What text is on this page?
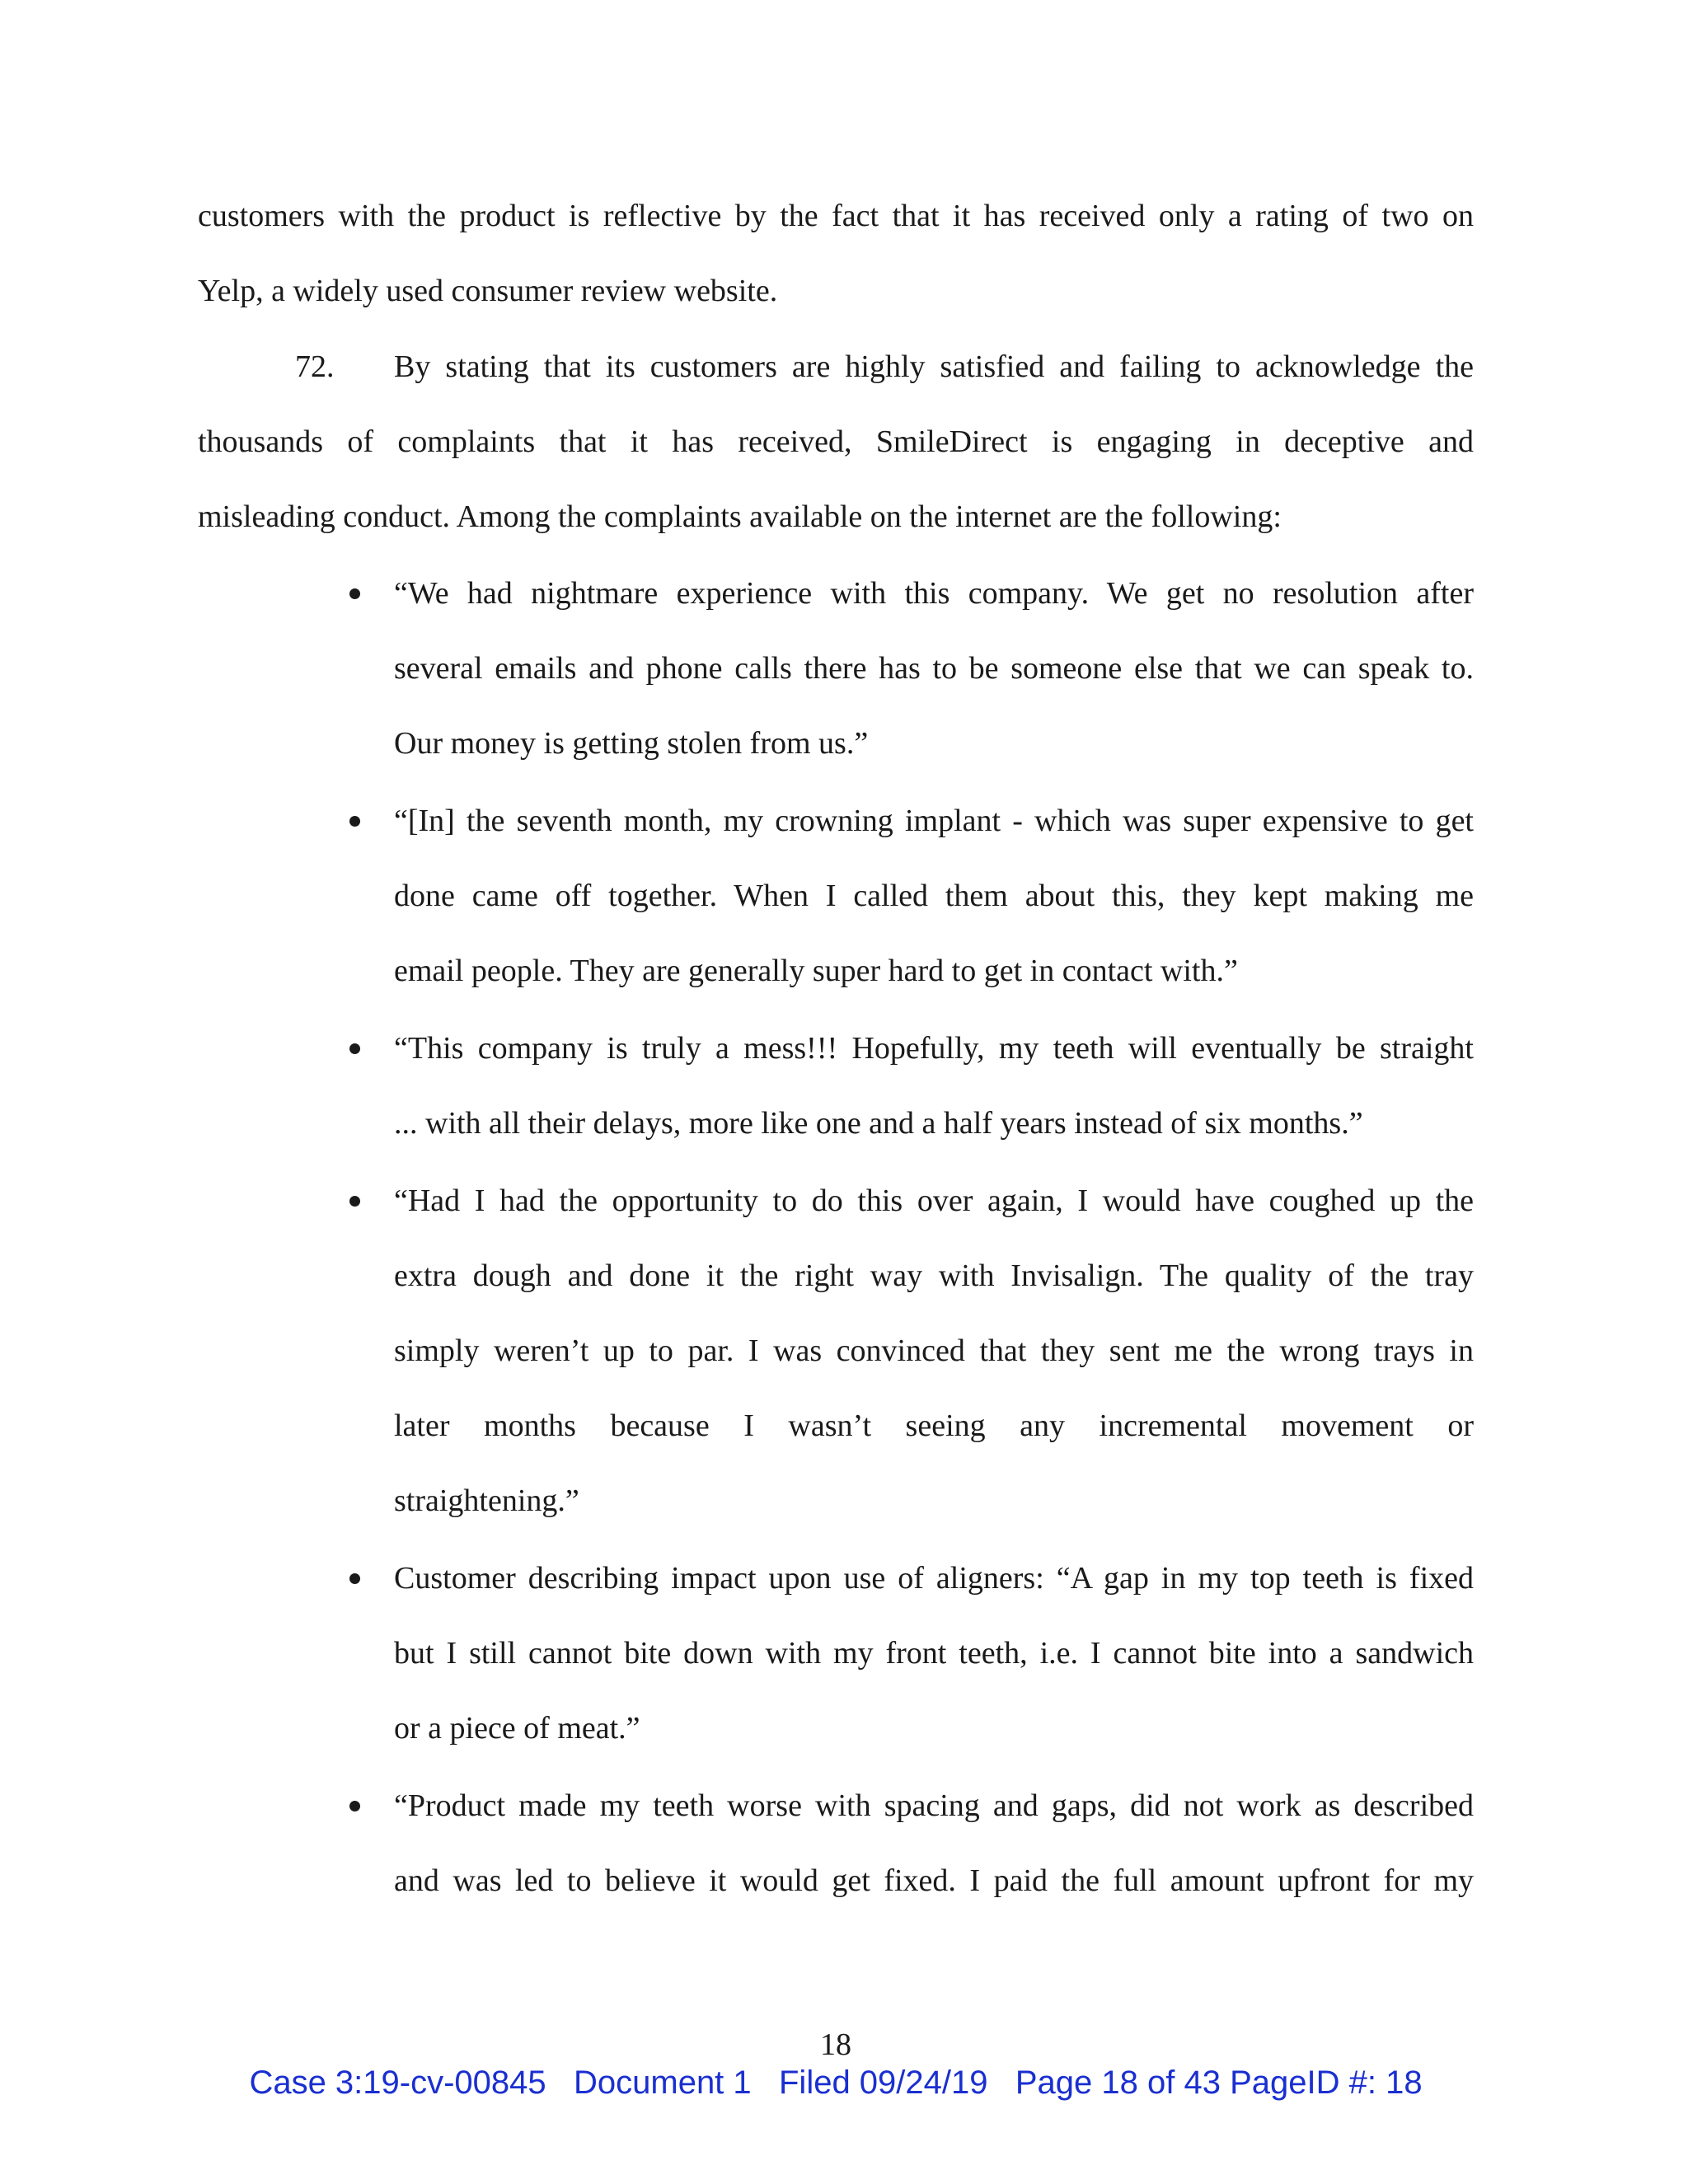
customers with the product is reflective by the fact that it has received only a rating of two on
Yelp, a widely used consumer review website.
72. By stating that its customers are highly satisfied and failing to acknowledge the
thousands of complaints that it has received, SmileDirect is engaging in deceptive and
misleading conduct. Among the complaints available on the internet are the following:
“We had nightmare experience with this company. We get no resolution after
several emails and phone calls there has to be someone else that we can speak to.
Our money is getting stolen from us.”
“[In] the seventh month, my crowning implant - which was super expensive to get
done came off together. When I called them about this, they kept making me
email people. They are generally super hard to get in contact with.”
“This company is truly a mess!!! Hopefully, my teeth will eventually be straight
... with all their delays, more like one and a half years instead of six months.”
“Had I had the opportunity to do this over again, I would have coughed up the
extra dough and done it the right way with Invisalign. The quality of the tray
simply weren’t up to par. I was convinced that they sent me the wrong trays in
later months because I wasn’t seeing any incremental movement or
straightening.”
Customer describing impact upon use of aligners: “A gap in my top teeth is fixed
but I still cannot bite down with my front teeth, i.e. I cannot bite into a sandwich
or a piece of meat.”
“Product made my teeth worse with spacing and gaps, did not work as described
and was led to believe it would get fixed. I paid the full amount upfront for my
18
Case 3:19-cv-00845   Document 1   Filed 09/24/19   Page 18 of 43 PageID #: 18
